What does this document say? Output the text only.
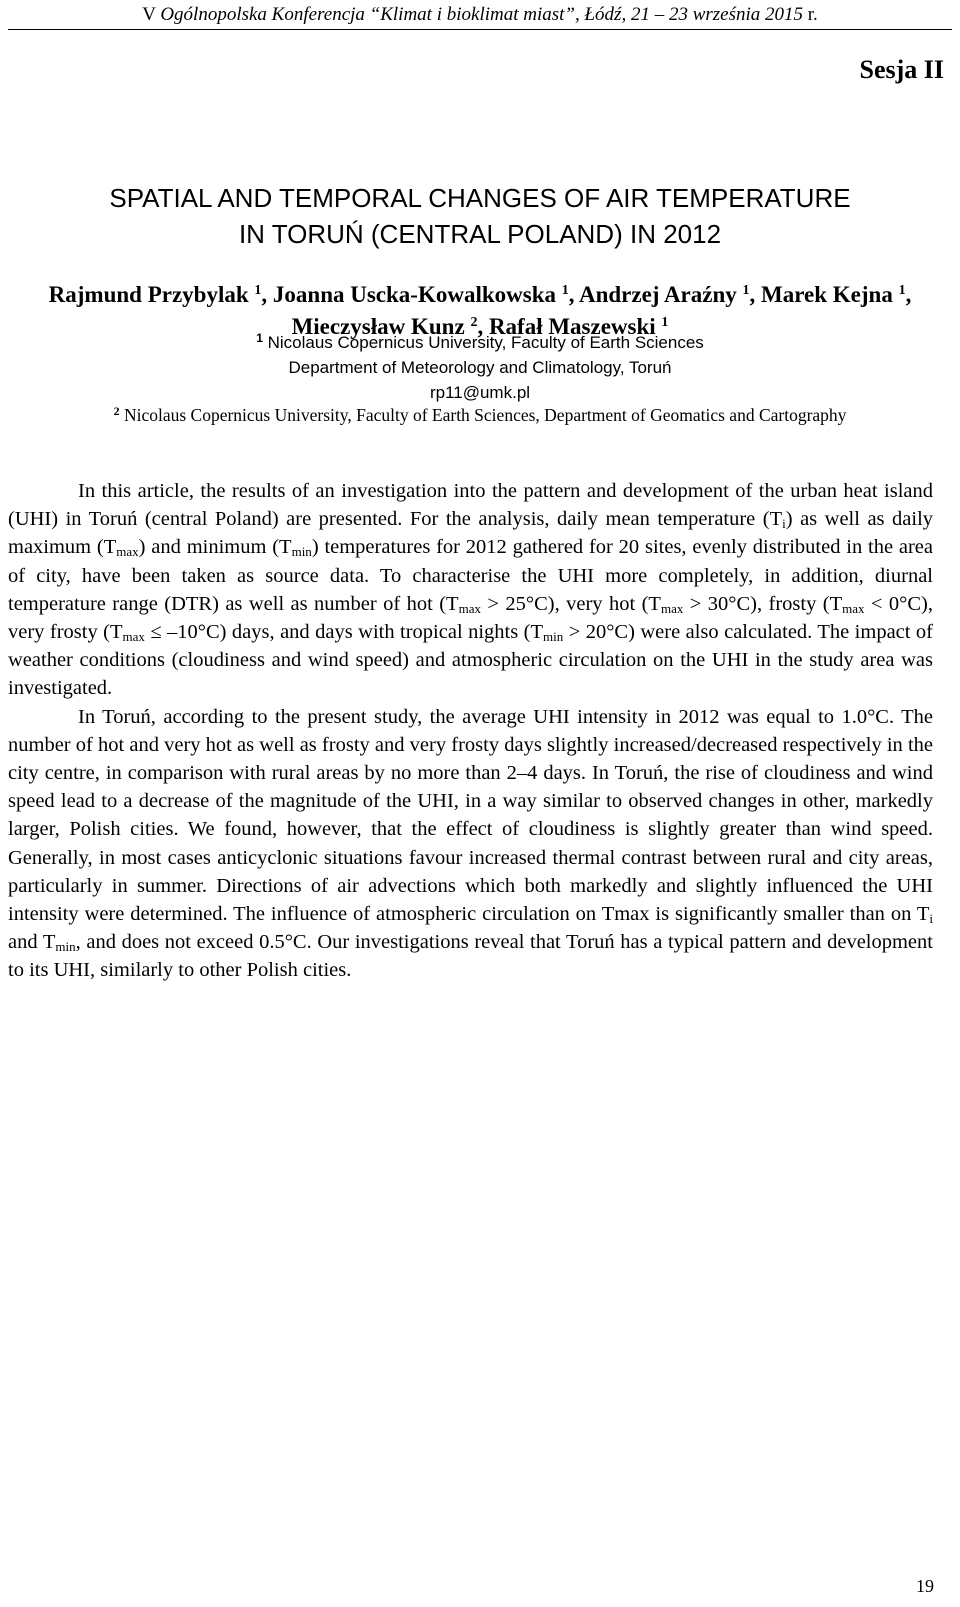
V Ogólnopolska Konferencja “Klimat i bioklimat miast”, Łódź, 21 – 23 września 2015 r.
Sesja II
SPATIAL AND TEMPORAL CHANGES OF AIR TEMPERATURE
IN TORUŃ (CENTRAL POLAND) IN 2012
Rajmund Przybylak $^1$, Joanna Uscka-Kowalkowska $^1$, Andrzej Araźny $^1$, Marek Kejna $^1$,
Mieczysław Kunz $^2$, Rafał Maszewski $^1$
$^1$ Nicolaus Copernicus University, Faculty of Earth Sciences
Department of Meteorology and Climatology, Toruń
rp11@umk.pl
$^2$ Nicolaus Copernicus University, Faculty of Earth Sciences, Department of Geomatics and Cartography

In this article, the results of an investigation into the pattern and development of the urban heat island (UHI) in Toruń (central Poland) are presented. For the analysis, daily mean temperature $(T_i)$ as well as daily maximum $(T_{max})$ and minimum $(T_{min})$ temperatures for 2012 gathered for 20 sites, evenly distributed in the area of city, have been taken as source data. To characterise the UHI more completely, in addition, diurnal temperature range (DTR) as well as number of hot $(T_{max} > 25^\circ C)$, very hot $(T_{max} > 30^\circ C)$, frosty $(T_{max} < 0^\circ C)$, very frosty $(T_{max} \le -10^\circ C)$ days, and days with tropical nights $(T_{min} > 20^\circ C)$ were also calculated. The impact of weather conditions (cloudiness and wind speed) and atmospheric circulation on the UHI in the study area was investigated.

In Toruń, according to the present study, the average UHI intensity in 2012 was equal to 1.0°C. The number of hot and very hot as well as frosty and very frosty days slightly increased/decreased respectively in the city centre, in comparison with rural areas by no more than 2–4 days. In Toruń, the rise of cloudiness and wind speed lead to a decrease of the magnitude of the UHI, in a way similar to observed changes in other, markedly larger, Polish cities. We found, however, that the effect of cloudiness is slightly greater than wind speed. Generally, in most cases anticyclonic situations favour increased thermal contrast between rural and city areas, particularly in summer. Directions of air advections which both markedly and slightly influenced the UHI intensity were determined. The influence of atmospheric circulation on Tmax is significantly smaller than on $T_i$ and $T_{min}$, and does not exceed 0.5°C. Our investigations reveal that Toruń has a typical pattern and development to its UHI, similarly to other Polish cities.

19
